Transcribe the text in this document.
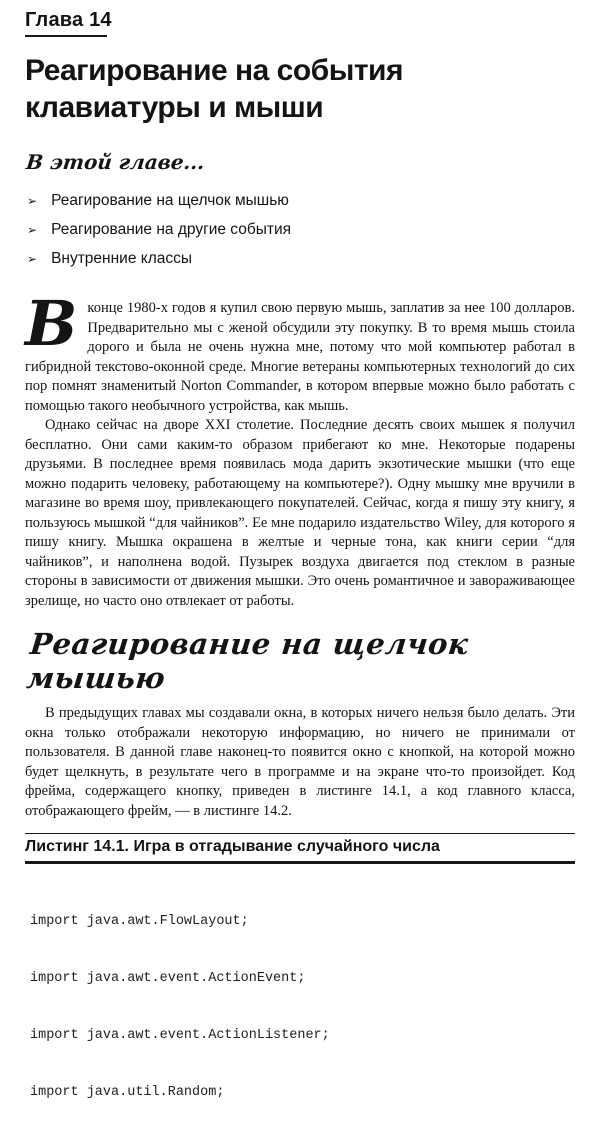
Глава 14
Реагирование на события
клавиатуры и мыши
В этой главе...
➢ Реагирование на щелчок мышью
➢ Реагирование на другие события
➢ Внутренние классы

Вконце 1980-х годов я купил свою первую мышь, заплатив за нее 100 долларов. Предварительно мы с женой обсудили эту покупку. В то время мышь стоила дорого и была не очень нужна мне, потому что мой компьютер работал в гибридной текстово-оконной среде. Многие ветераны компьютерных технологий до сих пор помнят знаменитый Norton Commander, в котором впервые можно было работать с помощью такого необычного устройства, как мышь.

Однако сейчас на дворе XXI столетие. Последние десять своих мышек я получил бесплатно. Они сами каким-то образом прибегают ко мне. Некоторые подарены друзьями. В последнее время появилась мода дарить экзотические мышки (что еще можно подарить человеку, работающему на компьютере?). Одну мышку мне вручили в магазине во время шоу, привлекающего покупателей. Сейчас, когда я пишу эту книгу, я пользуюсь мышкой “для чайников”. Ее мне подарило издательство Wiley, для которого я пишу книгу. Мышка окрашена в желтые и черные тона, как книги серии “для чайников”, и наполнена водой. Пузырек воздуха двигается под стеклом в разные стороны в зависимости от движения мышки. Это очень романтичное и завораживающее зрелище, но часто оно отвлекает от работы.

Реагирование на щелчок мышью

В предыдущих главах мы создавали окна, в которых ничего нельзя было делать. Эти окна только отображали некоторую информацию, но ничего не принимали от пользователя. В данной главе наконец-то появится окно с кнопкой, на которой можно будет щелкнуть, в результате чего в программе и на экране что-то произойдет. Код фрейма, содержащего кнопку, приведен в листинге 14.1, а код главного класса, отображающего фрейм, — в листинге 14.2.

Листинг 14.1. Игра в отгадывание случайного числа

import java.awt.FlowLayout;

import java.awt.event.ActionEvent;

import java.awt.event.ActionListener;

import java.util.Random;
